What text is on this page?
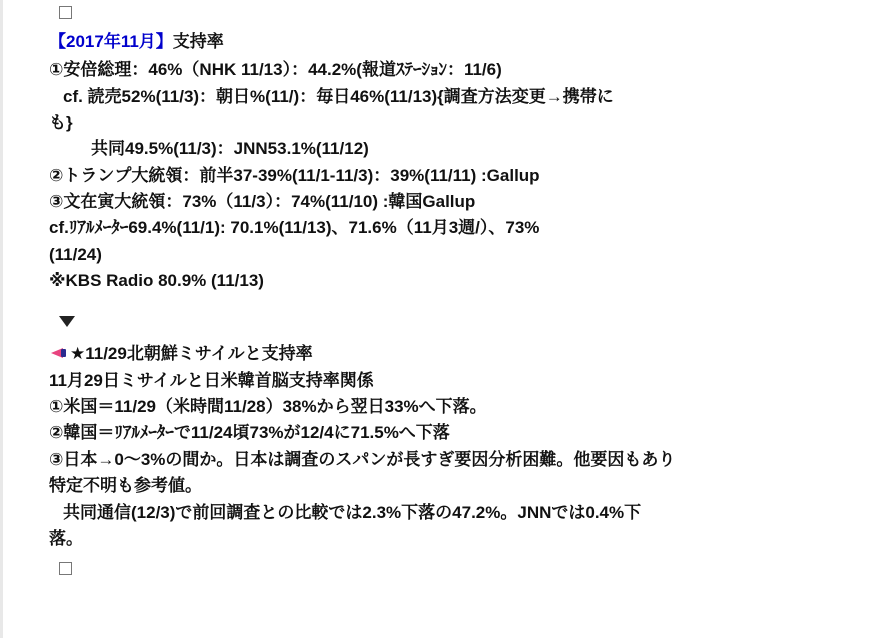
【2017年11月】支持率

①安倍総理：46%（NHK 11/13）：44.2%(報道ｽﾃｰｼｮﾝ：11/6)

cf. 読売52%(11/3)：朝日%(11/)：毎日46%(11/13){調査方法変更→携帯に

も}

共同49.5%(11/3)：JNN53.1%(11/12)

②トランプ大統領：前半37-39%(11/1-11/3)：39%(11/11) :Gallup

③文在寅大統領：73%（11/3）：74%(11/10) :韓国Gallup

cf.ﾘｱﾙﾒｰﾀｰ69.4%(11/1): 70.1%(11/13)、71.6%（11月3週/）、73%

(11/24)

※KBS Radio 80.9% (11/13)

★11/29北朝鮮ミサイルと支持率

11月29日ミサイルと日米韓首脳支持率関係

①米国＝11/29（米時間11/28）38%から翌日33%へ下落。

②韓国＝ﾘｱﾙﾒｰﾀｰで11/24頃73%が12/4に71.5%へ下落

③日本→0〜3%の間か。日本は調査のスパンが長すぎ要因分析困難。他要因もあり

特定不明も参考値。

共同通信(12/3)で前回調査との比較では2.3%下落の47.2%。JNNでは0.4%下

落。
